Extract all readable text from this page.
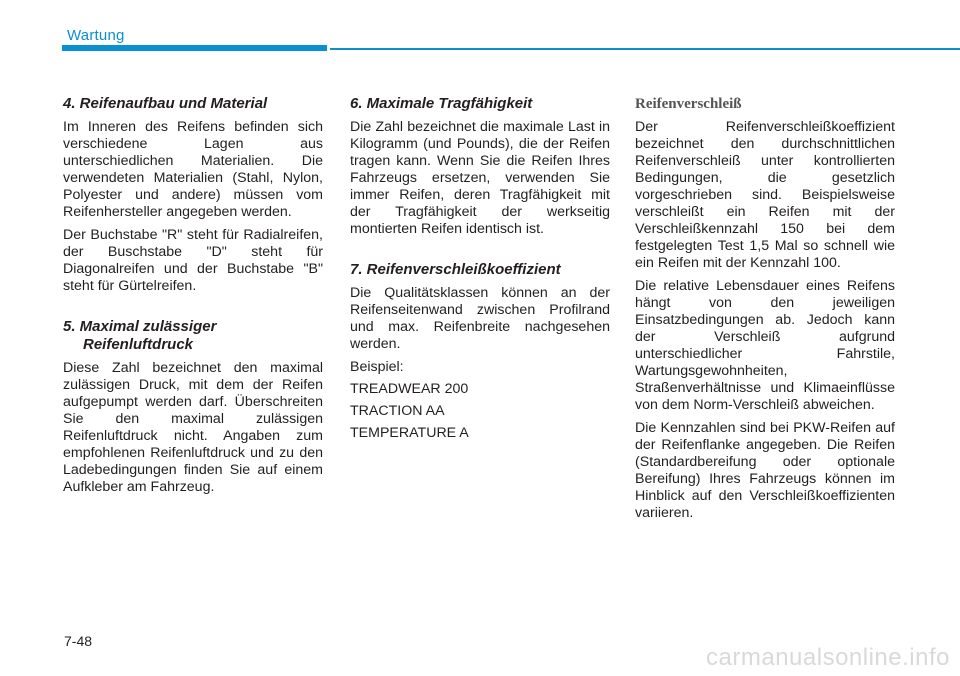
Wartung
4. Reifenaufbau und Material

Im Inneren des Reifens befinden sich verschiedene Lagen aus unterschiedlichen Materialien. Die verwendeten Materialien (Stahl, Nylon, Polyester und andere) müssen vom Reifenhersteller angegeben werden.

Der Buchstabe "R" steht für Radialreifen, der Buschstabe "D" steht für Diagonalreifen und der Buchstabe "B" steht für Gürtelreifen.

5. Maximal zulässiger Reifenluftdruck

Diese Zahl bezeichnet den maximal zulässigen Druck, mit dem der Reifen aufgepumpt werden darf. Überschreiten Sie den maximal zulässigen Reifenluftdruck nicht. Angaben zum empfohlenen Reifenluftdruck und zu den Ladebedingungen finden Sie auf einem Aufkleber am Fahrzeug.

6. Maximale Tragfähigkeit

Die Zahl bezeichnet die maximale Last in Kilogramm (und Pounds), die der Reifen tragen kann. Wenn Sie die Reifen Ihres Fahrzeugs ersetzen, verwenden Sie immer Reifen, deren Tragfähigkeit mit der Tragfähigkeit der werkseitig montierten Reifen identisch ist.

7. Reifenverschleißkoeffizient

Die Qualitätsklassen können an der Reifenseitenwand zwischen Profilrand und max. Reifenbreite nachgesehen werden.

Beispiel:

TREADWEAR 200

TRACTION AA

TEMPERATURE A

Reifenverschleiß

Der Reifenverschleißkoeffizient bezeichnet den durchschnittlichen Reifenverschleiß unter kontrollierten Bedingungen, die gesetzlich vorgeschrieben sind. Beispielsweise verschleißt ein Reifen mit der Verschleißkennzahl 150 bei dem festgelegten Test 1,5 Mal so schnell wie ein Reifen mit der Kennzahl 100.

Die relative Lebensdauer eines Reifens hängt von den jeweiligen Einsatzbedingungen ab. Jedoch kann der Verschleiß aufgrund unterschiedlicher Fahrstile, Wartungsgewohnheiten, Straßenverhältnisse und Klimaeinflüsse von dem Norm-Verschleiß abweichen.

Die Kennzahlen sind bei PKW-Reifen auf der Reifenflanke angegeben. Die Reifen (Standardbereifung oder optionale Bereifung) Ihres Fahrzeugs können im Hinblick auf den Verschleißkoeffizienten variieren.

7-48
carmanualsonline.info
